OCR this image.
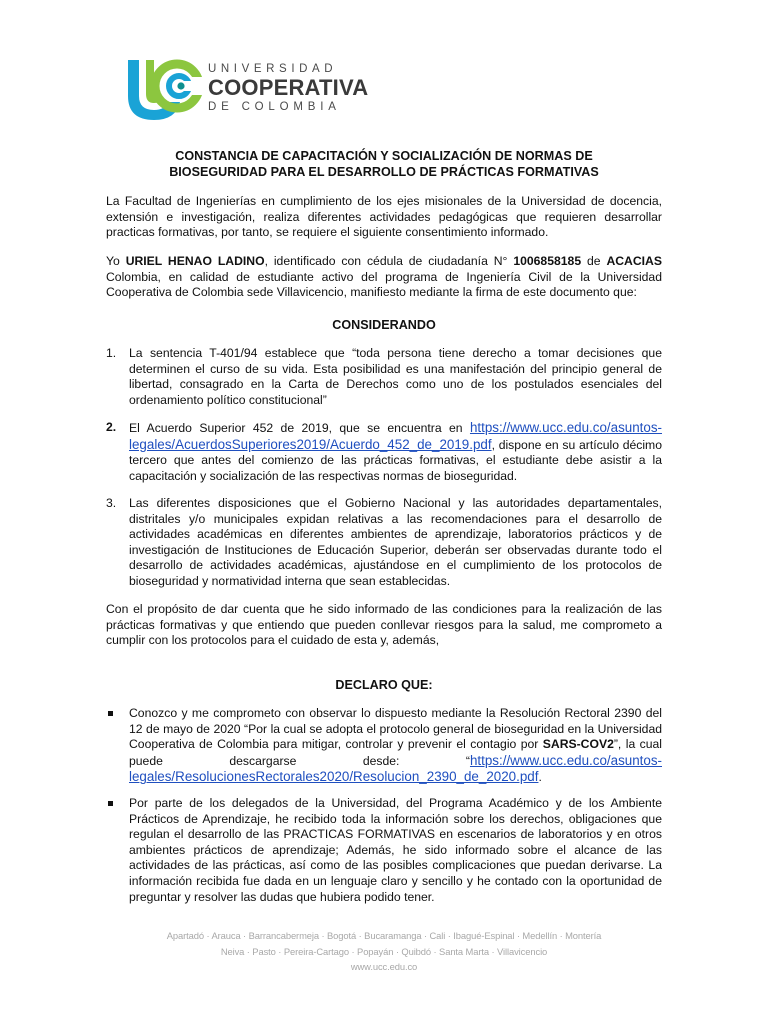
UNIVERSIDAD
COOPERATIVA
DE COLOMBIA
CONSTANCIA DE CAPACITACIÓN Y SOCIALIZACIÓN DE NORMAS DE
BIOSEGURIDAD PARA EL DESARROLLO DE PRÁCTICAS FORMATIVAS
La Facultad de Ingenierías en cumplimiento de los ejes misionales de la Universidad de docencia, extensión e investigación, realiza diferentes actividades pedagógicas que requieren desarrollar practicas formativas, por tanto, se requiere el siguiente consentimiento informado.
Yo URIEL HENAO LADINO, identificado con cédula de ciudadanía N° 1006858185 de ACACIAS Colombia, en calidad de estudiante activo del programa de Ingeniería Civil de la Universidad Cooperativa de Colombia sede Villavicencio, manifiesto mediante la firma de este documento que:
CONSIDERANDO
1.	La sentencia T-401/94 establece que “toda persona tiene derecho a tomar decisiones que determinen el curso de su vida. Esta posibilidad es una manifestación del principio general de libertad, consagrado en la Carta de Derechos como uno de los postulados esenciales del ordenamiento político constitucional”
2.	El Acuerdo Superior 452 de 2019, que se encuentra en https://www.ucc.edu.co/asuntos-legales/AcuerdosSuperiores2019/Acuerdo_452_de_2019.pdf, dispone en su artículo décimo tercero que antes del comienzo de las prácticas formativas, el estudiante debe asistir a la capacitación y socialización de las respectivas normas de bioseguridad.
3.	Las diferentes disposiciones que el Gobierno Nacional y las autoridades departamentales, distritales y/o municipales expidan relativas a las recomendaciones para el desarrollo de actividades académicas en diferentes ambientes de aprendizaje, laboratorios prácticos y de investigación de Instituciones de Educación Superior, deberán ser observadas durante todo el desarrollo de actividades académicas, ajustándose en el cumplimiento de los protocolos de bioseguridad y normatividad interna que sean establecidas.
Con el propósito de dar cuenta que he sido informado de las condiciones para la realización de las prácticas formativas y que entiendo que pueden conllevar riesgos para la salud, me comprometo a cumplir con los protocolos para el cuidado de esta y, además,
DECLARO QUE:
Conozco y me comprometo con observar lo dispuesto mediante la Resolución Rectoral 2390 del 12 de mayo de 2020 “Por la cual se adopta el protocolo general de bioseguridad en la Universidad Cooperativa de Colombia para mitigar, controlar y prevenir el contagio por SARS-COV2”, la cual puede descargarse desde: “https://www.ucc.edu.co/asuntos-legales/ResolucionesRectorales2020/Resolucion_2390_de_2020.pdf.
Por parte de los delegados de la Universidad, del Programa Académico y de los Ambiente Prácticos de Aprendizaje, he recibido toda la información sobre los derechos, obligaciones que regulan el desarrollo de las PRACTICAS FORMATIVAS en escenarios de laboratorios y en otros ambientes prácticos de aprendizaje; Además, he sido informado sobre el alcance de las actividades de las prácticas, así como de las posibles complicaciones que puedan derivarse. La información recibida fue dada en un lenguaje claro y sencillo y he contado con la oportunidad de preguntar y resolver las dudas que hubiera podido tener.
Apartadó · Arauca · Barrancabermeja · Bogotá · Bucaramanga · Cali · Ibagué-Espinal · Medellín · Montería
Neiva · Pasto · Pereira-Cartago · Popayán · Quibdó · Santa Marta · Villavicencio
www.ucc.edu.co
